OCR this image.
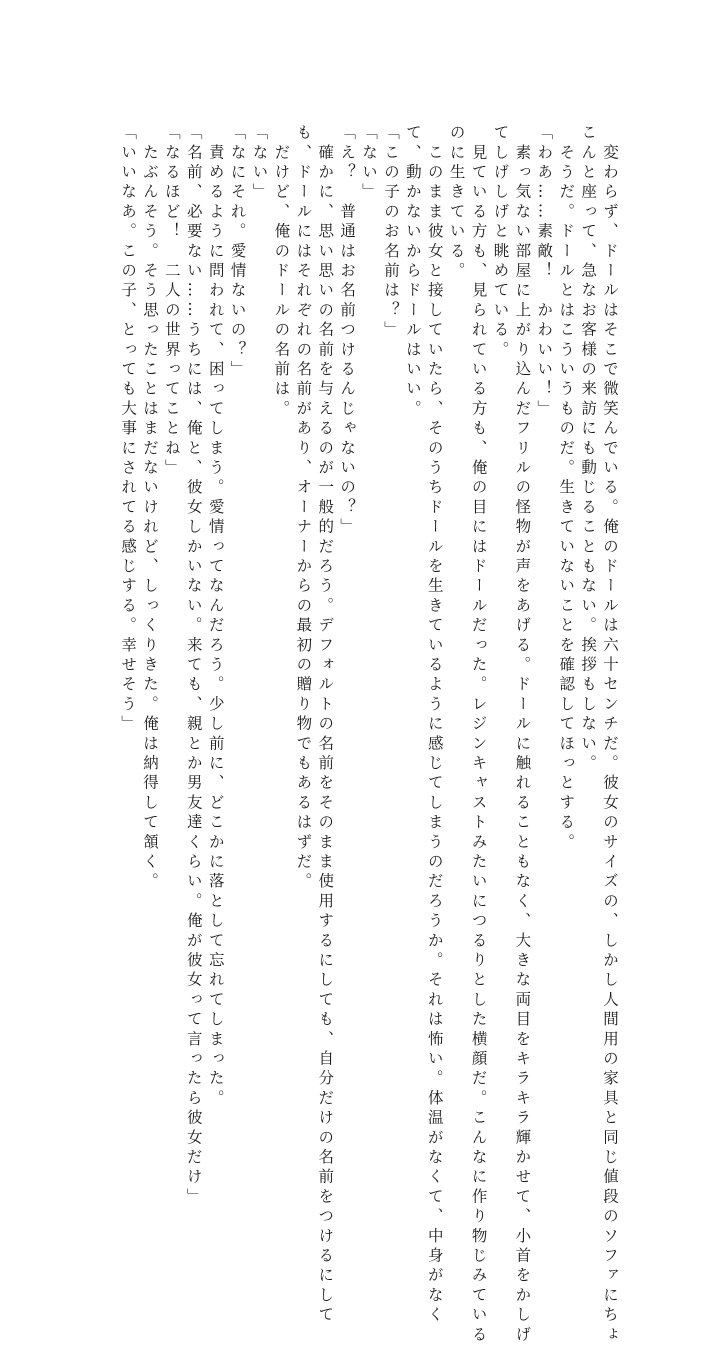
　変わらず、ドールはそこで微笑んでいる。俺のドールは六十センチだ。彼女のサイズの、しかし人間用の家具と同じ値段のソファにちょ
こんと座って、急なお客様の来訪にも動じることもない。挨拶もしない。
　そうだ。ドールとはこういうものだ。生きていないことを確認してほっとする。
「わあ……素敵！　かわいい！」
　素っ気ない部屋に上がり込んだフリルの怪物が声をあげる。ドールに触れることもなく、大きな両目をキラキラ輝かせて、小首をかしげ
てしげしげと眺めている。
　見ている方も、見られている方も、俺の目にはドールだった。レジンキャストみたいにつるりとした横顔だ。こんなに作り物じみている
のに生きている。
　このまま彼女と接していたら、そのうちドールを生きているように感じてしまうのだろうか。それは怖い。体温がなくて、中身がなく
て、動かないからドールはいい。
「この子のお名前は？」
「ない」
「え？　普通はお名前つけるんじゃないの？」
　確かに、思い思いの名前を与えるのが一般的だろう。デフォルトの名前をそのまま使用するにしても、自分だけの名前をつけるにして
も、ドールにはそれぞれの名前があり、オーナーからの最初の贈り物でもあるはずだ。
　だけど、俺のドールの名前は。
「ない」
「なにそれ。愛情ないの？」
　責めるように問われて、困ってしまう。愛情ってなんだろう。少し前に、どこかに落として忘れてしまった。
「名前、必要ない……うちには、俺と、彼女しかいない。来ても、親とか男友達くらい。俺が彼女って言ったら彼女だけ」
「なるほど！　二人の世界ってことね」
　たぶんそう。そう思ったことはまだないけれど、しっくりきた。俺は納得して頷く。
「いいなあ。この子、とっても大事にされてる感じする。幸せそう」
